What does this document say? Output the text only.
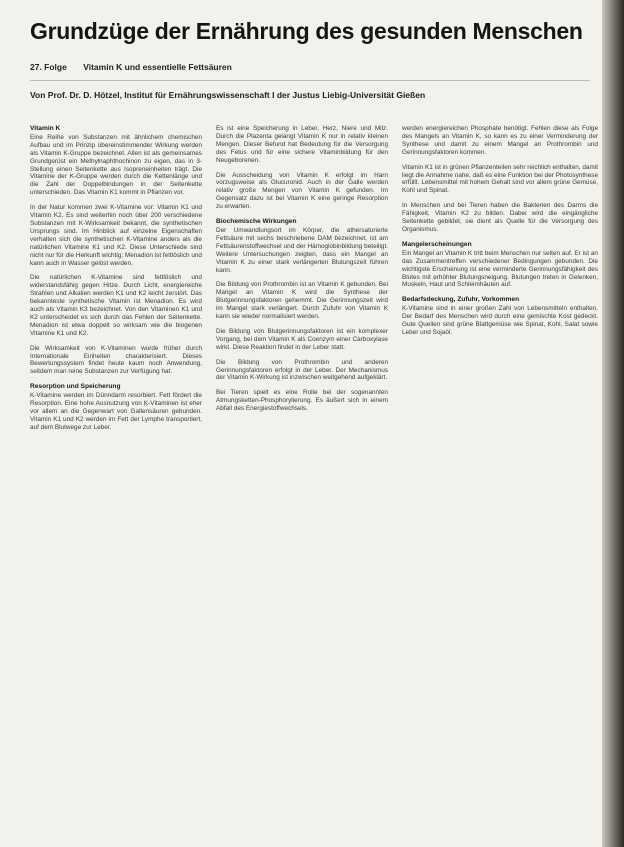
Grundzüge der Ernährung des gesunden Menschen
27. Folge Vitamin K und essentielle Fettsäuren
Von Prof. Dr. D. Hötzel, Institut für Ernährungswissenschaft I der Justus Liebig-Universität Gießen
Vitamin K

Eine Reihe von Substanzen mit ähnlichem chemischen Aufbau und im Prinzip übereinstimmender Wirkung werden als Vitamin K-Gruppe bezeichnet. Allen ist als gemeinsames Grundgerüst ein Methylnaphthochinon zu eigen, das in 3-Stellung einen Seitenkette aus Isopreneinheiten trägt. Die Vitamine der K-Gruppe werden durch die Kettenlänge und die Zahl der Doppelbindungen in der Seitenkette unterschieden. Das Vitamin K1 kommt in Pflanzen vor.

In der Natur kommen zwei K-Vitamine vor: Vitamin K1 und Vitamin K2. Es sind weiterhin noch über 200 verschiedene Substanzen mit K-Wirksamkeit bekannt, die synthetischen Ursprungs sind. Im Hinblick auf einzelne Eigenschaften verhalten sich die synthetischen K-Vitamine anders als die natürlichen Vitamine K1 und K2. Diese Unterschiede sind nicht nur für die Herkunft wichtig; Menadion ist fettlöslich und kann auch in Wasser gelöst werden.

Die natürlichen K-Vitamine sind fettlöslich und widerstandsfähig gegen Hitze. Durch Licht, energiereiche Strahlen und Alkalien werden K1 und K2 leicht zerstört. Das bekannteste synthetische Vitamin ist Menadion. Es wird auch als Vitamin K3 bezeichnet. Von den Vitaminen K1 und K2 unterscheidet es sich durch das Fehlen der Seitenkette. Menadion ist etwa doppelt so wirksam wie die biogenen Vitamine K1 und K2.

Die Wirksamkeit von K-Vitaminen wurde früher durch Internationale Einheiten charakterisiert. Dieses Bewertungssystem findet heute kaum noch Anwendung, seitdem man reine Substanzen zur Verfügung hat.

Resorption und Speicherung

K-Vitamine werden im Dünndarm resorbiert. Fett fördert die Resorption. Eine hohe Ausnutzung von K-Vitaminen ist eher vor allem an die Gegenwart von Gallensäuren gebunden. Vitamin K1 und K2 werden im Fett der Lymphe transportiert, auf dem Blutwege zur Leber.

Es ist eine Speicherung in Leber, Herz, Niere und Milz. Durch die Plazenta gelangt Vitamin K nur in relativ kleinen Mengen. Dieser Befund hat Bedeutung für die Versorgung des Fetus und für eine sichere Vitaminbildung für den Neugeborenen.

Die Ausscheidung von Vitamin K erfolgt im Harn vorzugsweise als Glucuronid. Auch in der Galle werden relativ große Mengen von Vitamin K gefunden. Im Gegensatz dazu ist bei Vitamin K eine geringe Resorption zu erwarten.

Biochemische Wirkungen

Der Umwandlungsort im Körper, die athersaturierte Fettsäure mit sechs beschriebene DAM bezeichnet, ist am Fettsäurenstoffwechsel und der Hämoglobinbildung beteiligt. Weitere Untersuchungen zeigten, dass ein Mangel an Vitamin K zu einer stark verlängerten Blutungszeit führen kann.

Die Bildung von Prothrombin ist an Vitamin K gebunden. Bei Mangel an Vitamin K wird die Synthese der Blutgerinnungsfaktoren gehemmt. Die Gerinnungszeit wird im Mangel stark verlängert. Durch Zufuhr von Vitamin K kann sie wieder normalisiert werden.

Die Bildung von Blutgerinnungsfaktoren ist ein komplexer Vorgang, bei dem Vitamin K als Coenzym einer Carboxylase wirkt. Diese Reaktion findet in der Leber statt.

Die Bildung von Prothrombin und anderen Gerinnungsfaktoren erfolgt in der Leber. Der Mechanismus der Vitamin K-Wirkung ist inzwischen weitgehend aufgeklärt.

Bei Tieren spielt es eine Rolle bei der sogenannten Atmungsketten-Phosphorylierung. Es äußert sich in einem Abfall des Energiestoffwechsels.

werden energiereichen Phosphate benötigt. Fehlen diese als Folge des Mangels an Vitamin K, so kann es zu einer Verminderung der Synthese und damit zu einem Mangel an Prothrombin und Gerinnungsfaktoren kommen.

Vitamin K1 ist in grünen Pflanzenteilen sehr reichlich enthalten, damit liegt die Annahme nahe, daß es eine Funktion bei der Photosynthese erfüllt. Lebensmittel mit hohem Gehalt sind vor allem grüne Gemüse, Kohl und Spinat.

In Menschen und bei Tieren haben die Bakterien des Darms die Fähigkeit, Vitamin K2 zu bilden. Dabei wird die eingängliche Seitenkette gebildet, sie dient als Quelle für die Versorgung des Organismus.

Mangelerscheinungen

Ein Mangel an Vitamin K tritt beim Menschen nur selten auf. Er ist an das Zusammentreffen verschiedener Bedingungen gebunden. Die wichtigste Erscheinung ist eine verminderte Gerinnungsfähigkeit des Blutes mit erhöhter Blutungsneigung. Blutungen treten in Gelenken, Muskeln, Haut und Schleimhäuten auf.

Bedarfsdeckung, Zufuhr, Vorkommen

K-Vitamine sind in einer großen Zahl von Lebensmitteln enthalten. Der Bedarf des Menschen wird durch eine gemischte Kost gedeckt. Gute Quellen sind grüne Blattgemüse wie Spinat, Kohl, Salat sowie Leber und Sojaöl.
